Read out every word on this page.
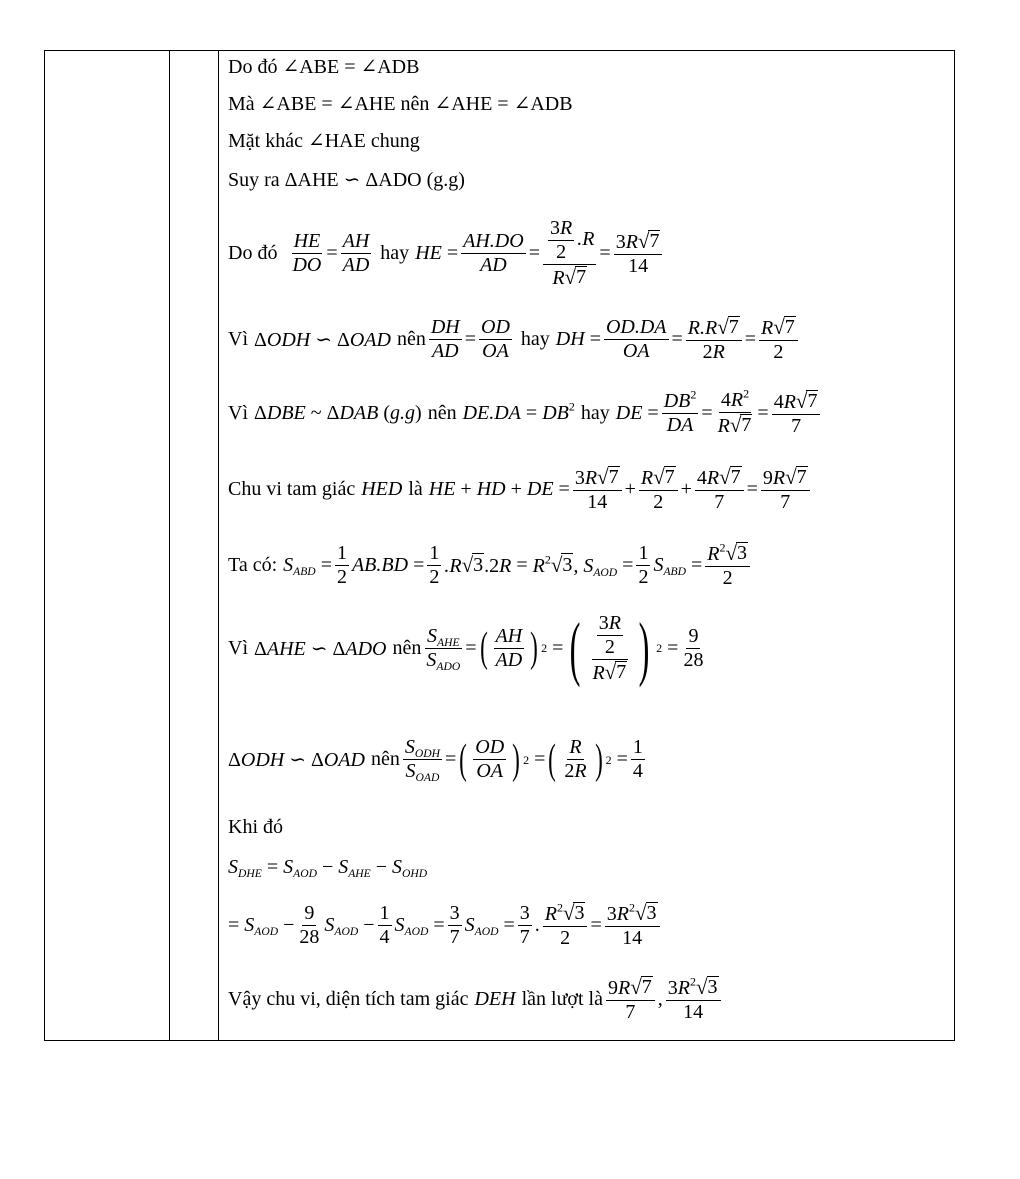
Do đó ∠ABE = ∠ADB
Mà ∠ABE = ∠AHE nên ∠AHE = ∠ADB
Mặt khác ∠HAE chung
Suy ra ΔAHE ∽ ΔADO (g.g)
Do đó $\frac{HE}{DO} = \frac{AH}{AD}$ hay HE = $\frac{AH.DO}{AD} = \frac{\frac{3R}{2} .R}{R √ 7} = \frac{3R √ 7}{14}$
Vì ΔODH ∽ ΔOAD nên $\frac{DH}{AD} = \frac{OD}{OA}$ hay DH = $\frac{OD.DA}{OA} = \frac{R.R √ 7}{2R} = \frac{R √ 7}{2}$
Vì ΔDBE ~ ΔDAB (g.g) nên $DE.DA = DB^2$ hay DE = $\frac{DB^2}{DA} = \frac{4R^2}{R √ 7} = \frac{4R √ 7}{7}$
Chu vi tam giác HED là HE + HD + DE = $\frac{3R √ 7}{14} + \frac{R √ 7}{2} + \frac{4R √ 7}{7} = \frac{9R √ 7}{7}$
Ta có: $S_{ABD} = \frac{1}{2} AB.BD = \frac{1}{2} .R$ √ 3 $.2R = R^2$ √ 3 , $S_{AOD} = \frac{1}{2} S_{ABD} = \frac{R^2 √ 3}{2}$
Vì ΔAHE ∽ ΔADO nên $\frac{S_{AHE}}{S_{ADO}}$ = ( $\frac{AH}{AD}$ ) 2 = ( $\frac{\frac{3R}{2}}{R √ 7}$ ) $2 = \frac{9}{28}$
ΔODH ∽ ΔOAD nên $\frac{S_{ODH}}{S_{OAD}}$ = ( $\frac{OD}{OA}$ ) 2 = ( $\frac{R}{2R}$ ) $2 = \frac{1}{4}$
Khi đó
$S_{DHE} = S_{AOD} - S_{AHE} - S_{OHD}$
= $S_{AOD} - \frac{9}{28} S_{AOD} - \frac{1}{4} S_{AOD} = \frac{3}{7} S_{AOD} = \frac{3}{7}$ . $\frac{R^2 √ 3}{2} = \frac{3R^2 √ 3}{14}$
Vậy chu vi, diện tích tam giác DEH lần lượt là $\frac{9R √ 7}{7}$ , $\frac{3R^2 √ 3}{14}$
